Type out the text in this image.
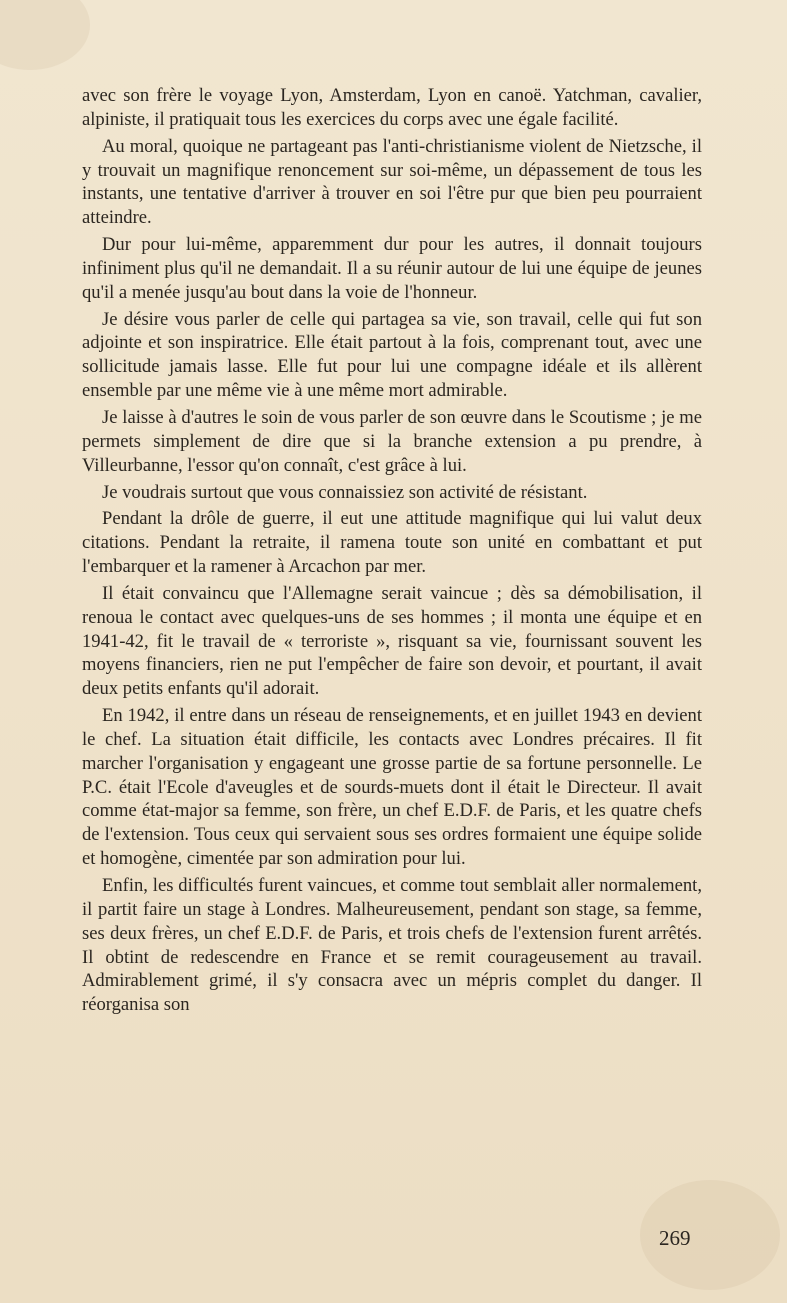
avec son frère le voyage Lyon, Amsterdam, Lyon en canoë. Yatchman, cavalier, alpiniste, il pratiquait tous les exercices du corps avec une égale facilité.

Au moral, quoique ne partageant pas l'anti-christianisme violent de Nietzsche, il y trouvait un magnifique renoncement sur soi-même, un dépassement de tous les instants, une tentative d'arriver à trouver en soi l'être pur que bien peu pourraient atteindre.

Dur pour lui-même, apparemment dur pour les autres, il donnait toujours infiniment plus qu'il ne demandait. Il a su réunir autour de lui une équipe de jeunes qu'il a menée jusqu'au bout dans la voie de l'honneur.

Je désire vous parler de celle qui partagea sa vie, son travail, celle qui fut son adjointe et son inspiratrice. Elle était partout à la fois, comprenant tout, avec une sollicitude jamais lasse. Elle fut pour lui une compagne idéale et ils allèrent ensemble par une même vie à une même mort admirable.

Je laisse à d'autres le soin de vous parler de son œuvre dans le Scoutisme ; je me permets simplement de dire que si la branche extension a pu prendre, à Villeurbanne, l'essor qu'on connaît, c'est grâce à lui.

Je voudrais surtout que vous connaissiez son activité de résistant.

Pendant la drôle de guerre, il eut une attitude magnifique qui lui valut deux citations. Pendant la retraite, il ramena toute son unité en combattant et put l'embarquer et la ramener à Arcachon par mer.

Il était convaincu que l'Allemagne serait vaincue ; dès sa démobilisation, il renoua le contact avec quelques-uns de ses hommes ; il monta une équipe et en 1941-42, fit le travail de « terroriste », risquant sa vie, fournissant souvent les moyens financiers, rien ne put l'empêcher de faire son devoir, et pourtant, il avait deux petits enfants qu'il adorait.

En 1942, il entre dans un réseau de renseignements, et en juillet 1943 en devient le chef. La situation était difficile, les contacts avec Londres précaires. Il fit marcher l'organisation y engageant une grosse partie de sa fortune personnelle. Le P.C. était l'Ecole d'aveugles et de sourds-muets dont il était le Directeur. Il avait comme état-major sa femme, son frère, un chef E.D.F. de Paris, et les quatre chefs de l'extension. Tous ceux qui servaient sous ses ordres formaient une équipe solide et homogène, cimentée par son admiration pour lui.

Enfin, les difficultés furent vaincues, et comme tout semblait aller normalement, il partit faire un stage à Londres. Malheureusement, pendant son stage, sa femme, ses deux frères, un chef E.D.F. de Paris, et trois chefs de l'extension furent arrêtés. Il obtint de redescendre en France et se remit courageusement au travail. Admirablement grimé, il s'y consacra avec un mépris complet du danger. Il réorganisa son

269
